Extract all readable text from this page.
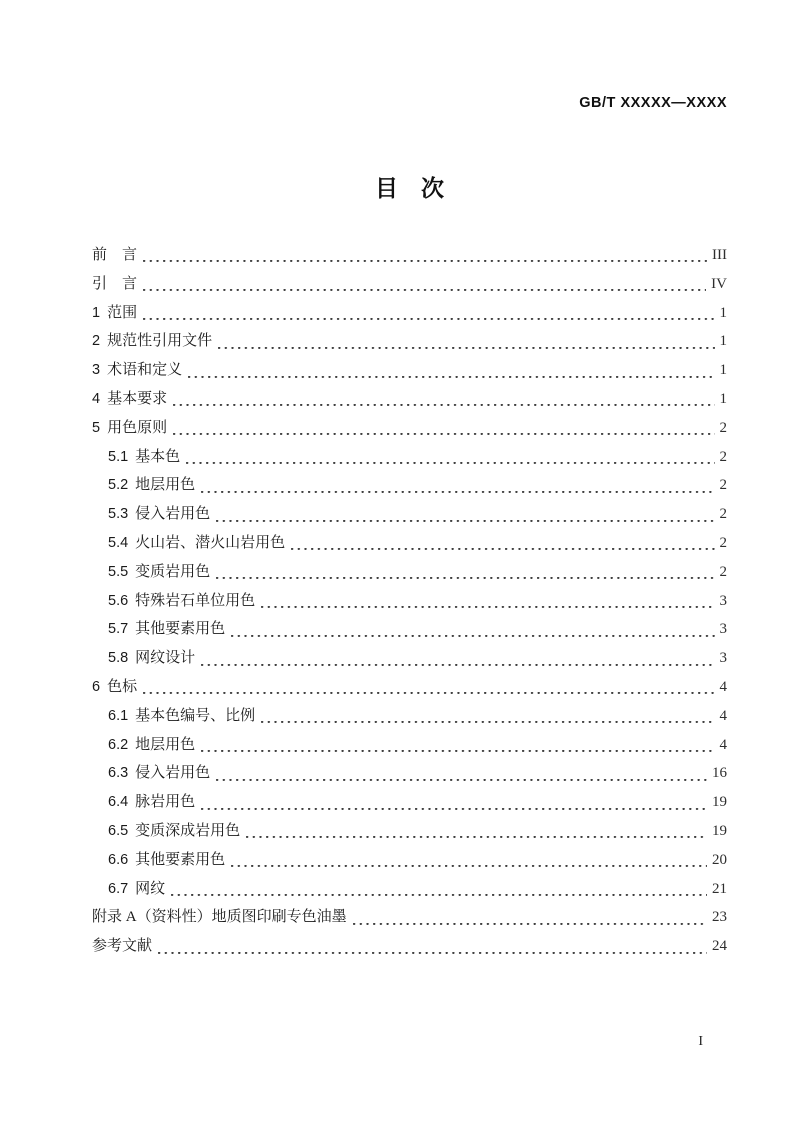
GB/T XXXXX—XXXX
目　次
前　言	III
引　言	IV
1 范围	1
2 规范性引用文件	1
3 术语和定义	1
4 基本要求	1
5 用色原则	2
5.1 基本色	2
5.2 地层用色	2
5.3 侵入岩用色	2
5.4 火山岩、潜火山岩用色	2
5.5 变质岩用色	2
5.6 特殊岩石单位用色	3
5.7 其他要素用色	3
5.8 网纹设计	3
6 色标	4
6.1 基本色编号、比例	4
6.2 地层用色	4
6.3 侵入岩用色	16
6.4 脉岩用色	19
6.5 变质深成岩用色	19
6.6 其他要素用色	20
6.7 网纹	21
附录 A（资料性）地质图印刷专色油墨	23
参考文献	24
I
